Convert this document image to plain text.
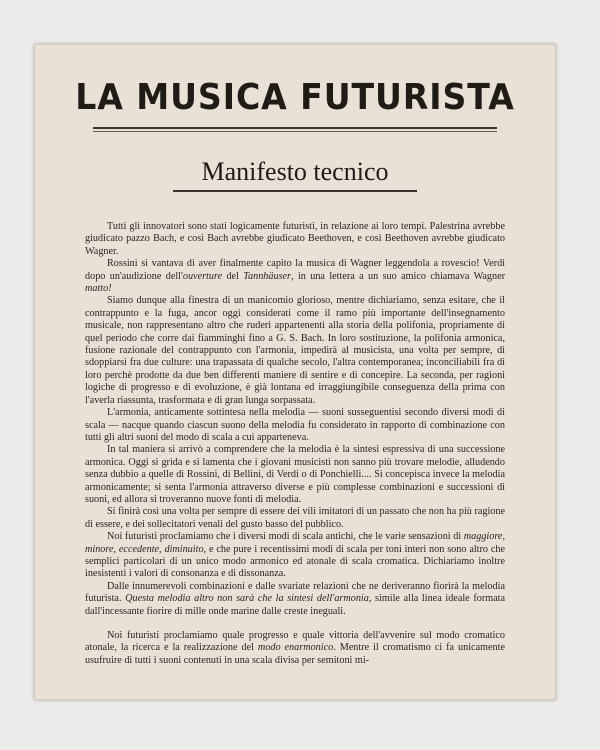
LA MUSICA FUTURISTA
Manifesto tecnico

Tutti gli innovatori sono stati logicamente futuristi, in relazione ai loro tempi. Palestrina avrebbe giudicato pazzo Bach, e così Bach avrebbe giudicato Beethoven, e così Beethoven avrebbe giudicato Wagner.

Rossini si vantava di aver finalmente capito la musica di Wagner leggendola a rovescio! Verdi dopo un'audizione dell'ouverture del Tannhäuser, in una lettera a un suo amico chiamava Wagner matto!

Siamo dunque alla finestra di un manicomio glorioso, mentre dichiariamo, senza esitare, che il contrappunto e la fuga, ancor oggi considerati come il ramo più importante dell'insegnamento musicale, non rappresentano altro che ruderi appartenenti alla storia della polifonia, propriamente di quel periodo che corre dai fiamminghi fino a G. S. Bach. In loro sostituzione, la polifonia armonica, fusione razionale del contrappunto con l'armonia, impedirà al musicista, una volta per sempre, di sdoppiarsi fra due culture: una trapassata di qualche secolo, l'altra contemporanea; inconciliabili fra di loro perchè prodotte da due ben differenti maniere di sentire e di concepire. La seconda, per ragioni logiche di progresso e di evoluzione, è già lontana ed irraggiungibile conseguenza della prima con l'averla riassunta, trasformata e di gran lunga sorpassata.

L'armonia, anticamente sottintesa nella melodia — suoni susseguentisi secondo diversi modi di scala — nacque quando ciascun suono della melodia fu considerato in rapporto di combinazione con tutti gli altri suoni del modo di scala a cui apparteneva.

In tal maniera si arrivò a comprendere che la melodia è la sintesi espressiva di una successione armonica. Oggi si grida e si lamenta che i giovani musicisti non sanno più trovare melodie, alludendo senza dubbio a quelle di Rossini, di Bellini, di Verdi o di Ponchielli.... Si concepisca invece la melodia armonicamente; si senta l'armonia attraverso diverse e più complesse combinazioni e successioni di suoni, ed allora si troveranno nuove fonti di melodia.

Si finirà così una volta per sempre di essere dei vili imitatori di un passato che non ha più ragione di essere, e dei sollecitatori venali del gusto basso del pubblico.

Noi futuristi proclamiamo che i diversi modi di scala antichi, che le varie sensazioni di maggiore, minore, eccedente, diminuito, e che pure i recentissimi modi di scala per toni interi non sono altro che semplici particolari di un unico modo armonico ed atonale di scala cromatica. Dichiariamo inoltre inesistenti i valori di consonanza e di dissonanza.

Dalle innumerevoli combinazioni e dalle svariate relazioni che ne deriveranno fiorirà la melodia futurista. Questa melodia altro non sarà che la sintesi dell'armonia, simile alla linea ideale formata dall'incessante fiorire di mille onde marine dalle creste ineguali.

Noi futuristi proclamiamo quale progresso e quale vittoria dell'avvenire sul modo cromatico atonale, la ricerca e la realizzazione del modo enarmonico. Mentre il cromatismo ci fa unicamente usufruire di tutti i suoni contenuti in una scala divisa per semitoni mi-
